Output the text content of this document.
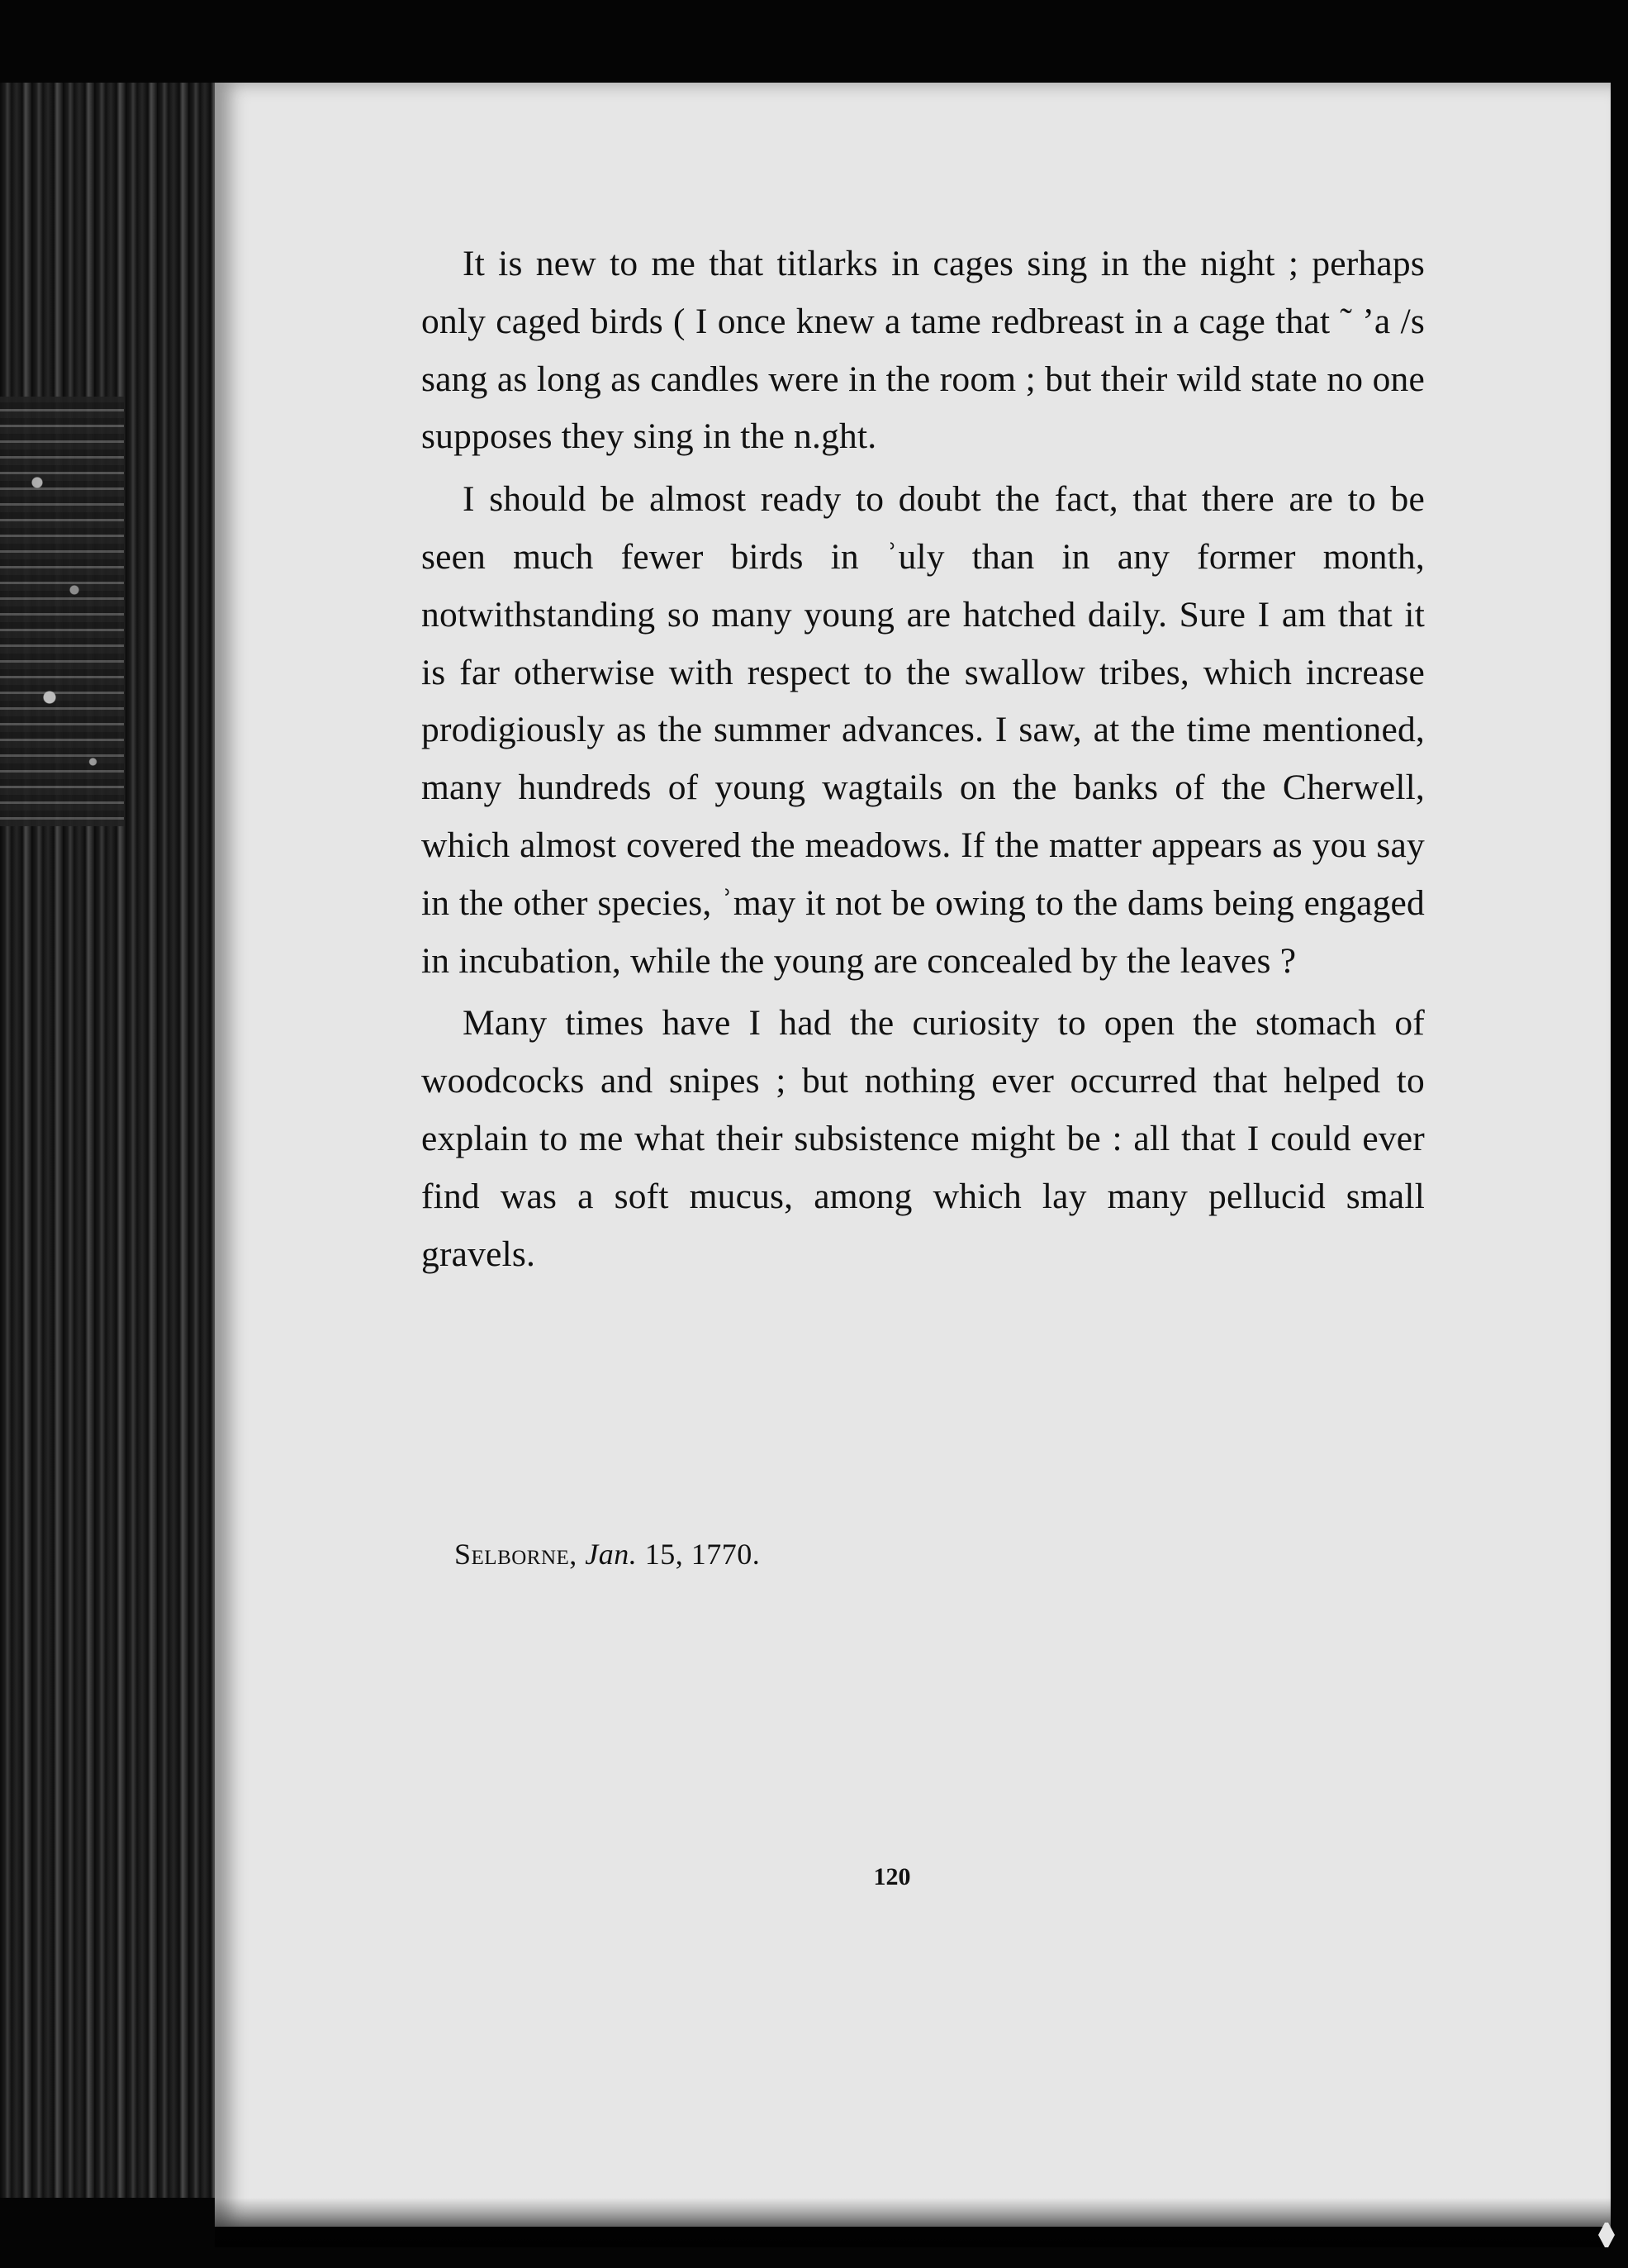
It is new to me that titlarks in cages sing in the night ; perhaps only caged birds ( I once knew a tame redbreast in a cage that ˜ ʼa /s sang as long as candles were in the room ; but their wild state no one supposes they sing in the n.ght.

I should be almost ready to doubt the fact, that there are to be seen much fewer birds in ʾuly than in any former month, notwithstanding so many young are hatched daily. Sure I am that it is far otherwise with respect to the swallow tribes, which increase prodigiously as the summer advances. I saw, at the time mentioned, many hundreds of young wagtails on the banks of the Cherwell, which almost covered the meadows. If the matter appears as you say in the other species, ʾmay it not be owing to the dams being engaged in incubation, while the young are concealed by the leaves ?

Many times have I had the curiosity to open the stomach of woodcocks and snipes ; but nothing ever occurred that helped to explain to me what their subsistence might be : all that I could ever find was a soft mucus, among which lay many pellucid small gravels.

Selborne, Jan. 15, 1770.
120
